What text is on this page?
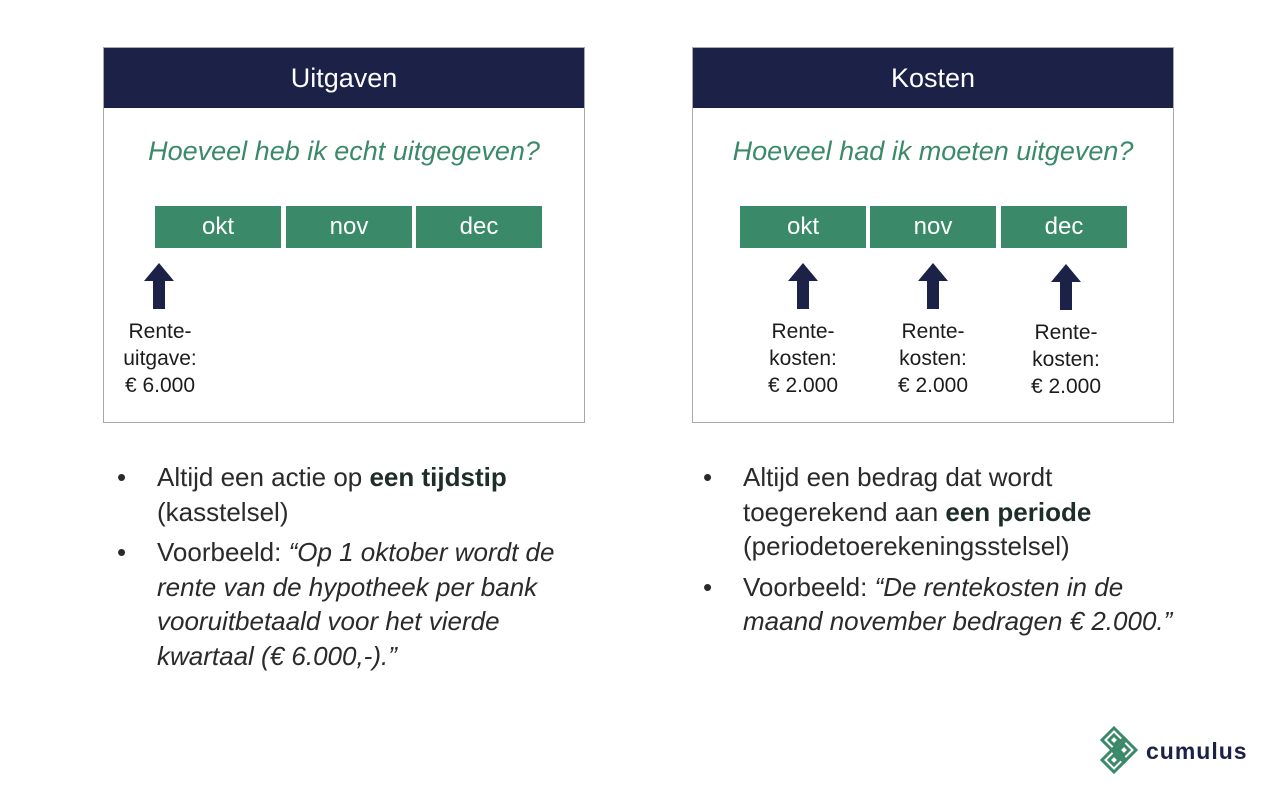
Uitgaven
Hoeveel heb ik echt uitgegeven?
okt	nov	dec
Rente-
uitgave:
€ 6.000
Kosten
Hoeveel had ik moeten uitgeven?
okt	nov	dec
Rente-
kosten:
€ 2.000
Rente-
kosten:
€ 2.000
Rente-
kosten:
€ 2.000
• Altijd een actie op een tijdstip
(kasstelsel)
• Voorbeeld: “Op 1 oktober wordt de rente van de hypotheek per bank vooruitbetaald voor het vierde kwartaal (€ 6.000,-).”
• Altijd een bedrag dat wordt toegerekend aan een periode
(periodetoerekeningsstelsel)
• Voorbeeld: “De rentekosten in de maand november bedragen € 2.000.”
cumulus
